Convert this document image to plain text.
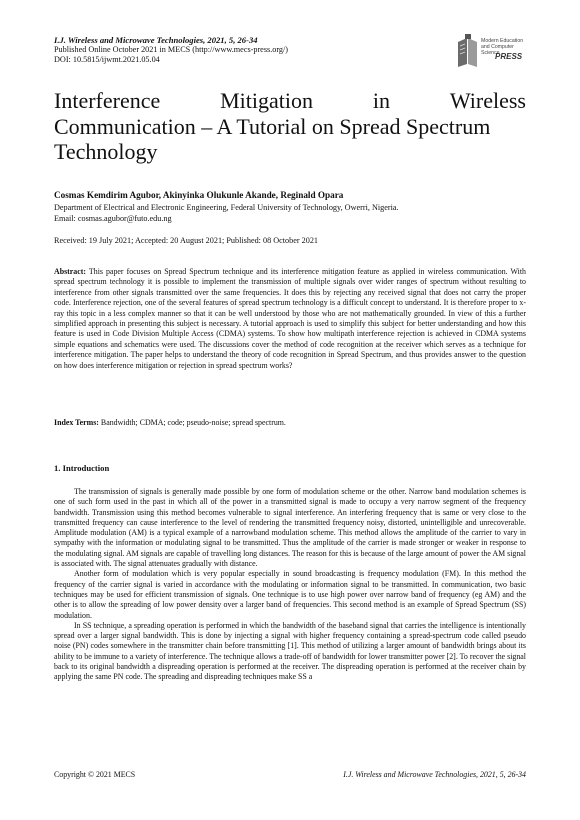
I.J. Wireless and Microwave Technologies, 2021, 5, 26-34
Published Online October 2021 in MECS (http://www.mecs-press.org/)
DOI: 10.5815/ijwmt.2021.05.04
Modern Education
and Computer Science
PRESS
Interference	Mitigation	in	Wireless
Communication – A Tutorial on Spread Spectrum
Technology
Cosmas Kemdirim Agubor, Akinyinka Olukunle Akande, Reginald Opara
Department of Electrical and Electronic Engineering, Federal University of Technology, Owerri, Nigeria.
Email: cosmas.agubor@futo.edu.ng
Received: 19 July 2021; Accepted: 20 August 2021; Published: 08 October 2021
Abstract: This paper focuses on Spread Spectrum technique and its interference mitigation feature as applied in wireless communication. With spread spectrum technology it is possible to implement the transmission of multiple signals over wider ranges of spectrum without resulting to interference from other signals transmitted over the same frequencies. It does this by rejecting any received signal that does not carry the proper code. Interference rejection, one of the several features of spread spectrum technology is a difficult concept to understand. It is therefore proper to x-ray this topic in a less complex manner so that it can be well understood by those who are not mathematically grounded. In view of this a further simplified approach in presenting this subject is necessary. A tutorial approach is used to simplify this subject for better understanding and how this feature is used in Code Division Multiple Access (CDMA) systems. To show how multipath interference rejection is achieved in CDMA systems simple equations and schematics were used. The discussions cover the method of code recognition at the receiver which serves as a technique for interference mitigation. The paper helps to understand the theory of code recognition in Spread Spectrum, and thus provides answer to the question on how does interference mitigation or rejection in spread spectrum works?
Index Terms: Bandwidth; CDMA; code; pseudo-noise; spread spectrum.
1. Introduction

The transmission of signals is generally made possible by one form of modulation scheme or the other. Narrow band modulation schemes is one of such form used in the past in which all of the power in a transmitted signal is made to occupy a very narrow segment of the frequency bandwidth. Transmission using this method becomes vulnerable to signal interference. An interfering frequency that is same or very close to the transmitted frequency can cause interference to the level of rendering the transmitted frequency noisy, distorted, unintelligible and unrecoverable. Amplitude modulation (AM) is a typical example of a narrowband modulation scheme. This method allows the amplitude of the carrier to vary in sympathy with the information or modulating signal to be transmitted. Thus the amplitude of the carrier is made stronger or weaker in response to the modulating signal. AM signals are capable of travelling long distances. The reason for this is because of the large amount of power the AM signal is associated with. The signal attenuates gradually with distance.

Another form of modulation which is very popular especially in sound broadcasting is frequency modulation (FM). In this method the frequency of the carrier signal is varied in accordance with the modulating or information signal to be transmitted. In communication, two basic techniques may be used for efficient transmission of signals. One technique is to use high power over narrow band of frequency (eg AM) and the other is to allow the spreading of low power density over a larger band of frequencies. This second method is an example of Spread Spectrum (SS) modulation.

In SS technique, a spreading operation is performed in which the bandwidth of the baseband signal that carries the intelligence is intentionally spread over a larger signal bandwidth. This is done by injecting a signal with higher frequency containing a spread-spectrum code called pseudo noise (PN) codes somewhere in the transmitter chain before transmitting [1]. This method of utilizing a larger amount of bandwidth brings about its ability to be immune to a variety of interference. The technique allows a trade-off of bandwidth for lower transmitter power [2]. To recover the signal back to its original bandwidth a dispreading operation is performed at the receiver. The dispreading operation is performed at the receiver chain by applying the same PN code. The spreading and dispreading techniques make SS a

Copyright © 2021 MECS	I.J. Wireless and Microwave Technologies, 2021, 5, 26-34
